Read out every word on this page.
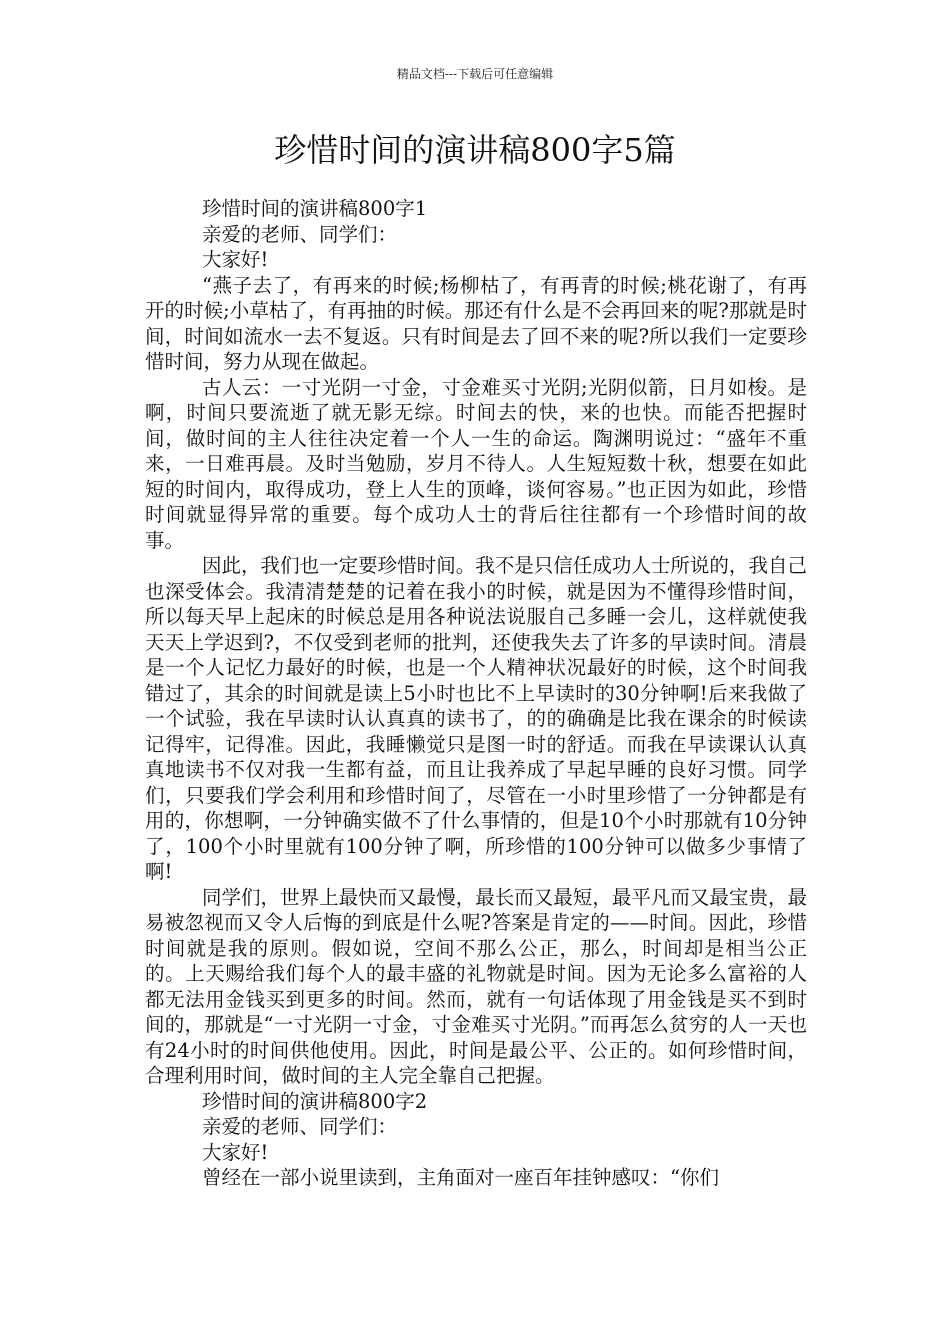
精品文档---下载后可任意编辑
珍惜时间的演讲稿800字5篇

珍惜时间的演讲稿800字1

亲爱的老师、同学们：

大家好!

“燕子去了，有再来的时候;杨柳枯了，有再青的时候;桃花谢了，有再开的时候;小草枯了，有再抽的时候。那还有什么是不会再回来的呢?那就是时间，时间如流水一去不复返。只有时间是去了回不来的呢?所以我们一定要珍惜时间，努力从现在做起。

古人云：一寸光阴一寸金，寸金难买寸光阴;光阴似箭，日月如梭。是啊，时间只要流逝了就无影无综。时间去的快，来的也快。而能否把握时间，做时间的主人往往决定着一个人一生的命运。陶渊明说过：“盛年不重来，一日难再晨。及时当勉励，岁月不待人。人生短短数十秋，想要在如此短的时间内，取得成功，登上人生的顶峰，谈何容易。”也正因为如此，珍惜时间就显得异常的重要。每个成功人士的背后往往都有一个珍惜时间的故事。

因此，我们也一定要珍惜时间。我不是只信任成功人士所说的，我自己也深受体会。我清清楚楚的记着在我小的时候，就是因为不懂得珍惜时间，所以每天早上起床的时候总是用各种说法说服自己多睡一会儿，这样就使我天天上学迟到?，不仅受到老师的批判，还使我失去了许多的早读时间。清晨是一个人记忆力最好的时候，也是一个人精神状况最好的时候，这个时间我错过了，其余的时间就是读上5小时也比不上早读时的30分钟啊!后来我做了一个试验，我在早读时认认真真的读书了，的的确确是比我在课余的时候读记得牢，记得准。因此，我睡懒觉只是图一时的舒适。而我在早读课认认真真地读书不仅对我一生都有益，而且让我养成了早起早睡的良好习惯。同学们，只要我们学会利用和珍惜时间了，尽管在一小时里珍惜了一分钟都是有用的，你想啊，一分钟确实做不了什么事情的，但是10个小时那就有10分钟了，100个小时里就有100分钟了啊，所珍惜的100分钟可以做多少事情了啊!

同学们，世界上最快而又最慢，最长而又最短，最平凡而又最宝贵，最易被忽视而又令人后悔的到底是什么呢?答案是肯定的——时间。因此，珍惜时间就是我的原则。假如说，空间不那么公正，那么，时间却是相当公正的。上天赐给我们每个人的最丰盛的礼物就是时间。因为无论多么富裕的人都无法用金钱买到更多的时间。然而，就有一句话体现了用金钱是买不到时间的，那就是“一寸光阴一寸金，寸金难买寸光阴。”而再怎么贫穷的人一天也有24小时的时间供他使用。因此，时间是最公平、公正的。如何珍惜时间，合理利用时间，做时间的主人完全靠自己把握。

珍惜时间的演讲稿800字2

亲爱的老师、同学们：

大家好!

曾经在一部小说里读到，主角面对一座百年挂钟感叹：“你们
